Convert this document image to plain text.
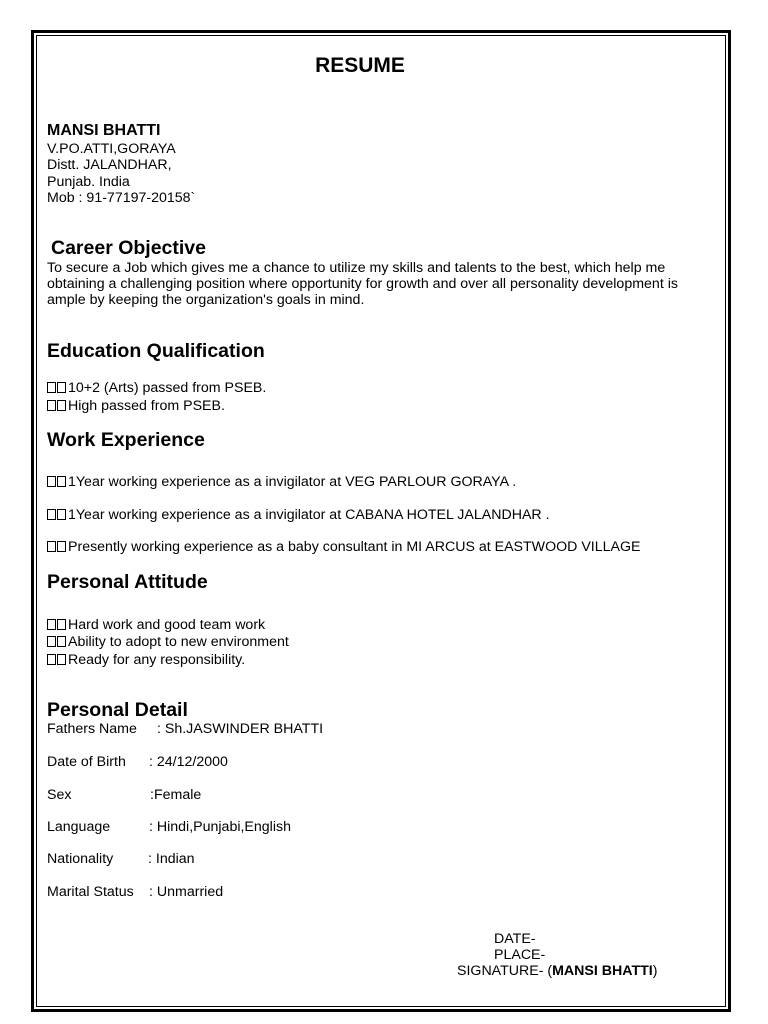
RESUME
MANSI BHATTI
V.PO.ATTI,GORAYA
Distt. JALANDHAR,
Punjab. India
Mob : 91-77197-20158`
Career Objective
To secure a Job which gives me a chance to utilize my skills and talents to the best, which help me obtaining a challenging position where opportunity for growth and over all personality development is ample by keeping the organization's goals in mind.
Education Qualification
10+2 (Arts) passed from PSEB.
High passed from PSEB.
Work Experience
1Year working experience as a invigilator at VEG PARLOUR GORAYA .
1Year working experience as a invigilator at CABANA HOTEL JALANDHAR .
Presently working experience as a baby consultant in MI ARCUS at EASTWOOD VILLAGE
Personal Attitude
Hard work and good team work
Ability to adopt to new environment
Ready for any responsibility.
Personal Detail
Fathers Name : Sh.JASWINDER BHATTI
Date of Birth : 24/12/2000
Sex	:Female
Language	: Hindi,Punjabi,English
Nationality : Indian
Marital Status : Unmarried
DATE-
PLACE-
SIGNATURE- (MANSI BHATTI)
